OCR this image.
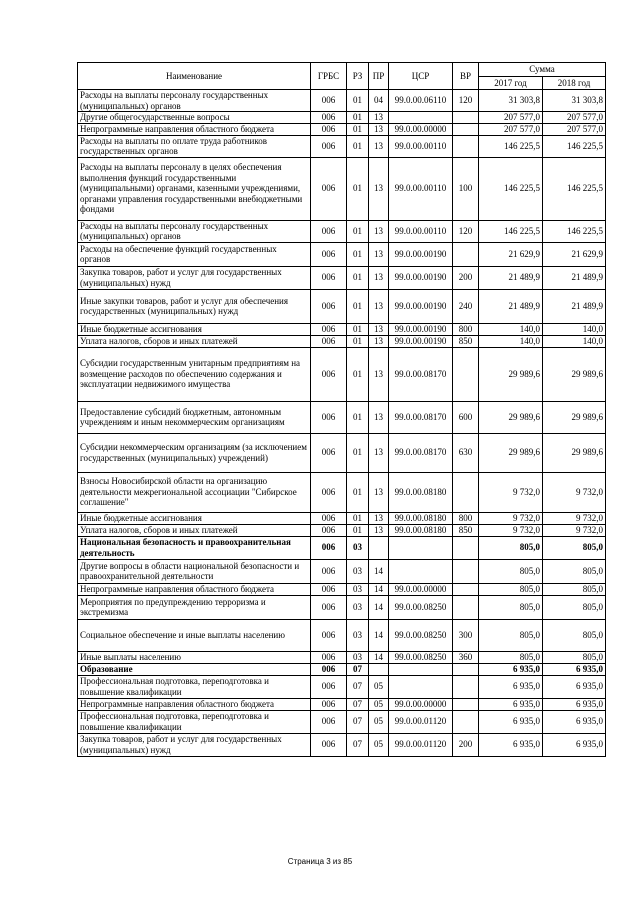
Наименование	ГРБС	РЗ	ПР	ЦСР	ВР	Сумма	
						2017 год	2018 год
Расходы на выплаты персоналу государственных (муниципальных) органов	006	01	04	99.0.00.06110	120	31 303,8	31 303,8
Другие общегосударственные вопросы	006	01	13			207 577,0	207 577,0
Непрограммные направления областного бюджета	006	01	13	99.0.00.00000		207 577,0	207 577,0
Расходы на выплаты по оплате труда работников государственных органов	006	01	13	99.0.00.00110		146 225,5	146 225,5
Расходы на выплаты персоналу в целях обеспечения выполнения функций государственными (муниципальными) органами, казенными учреждениями, органами управления государственными внебюджетными фондами	006	01	13	99.0.00.00110	100	146 225,5	146 225,5
Расходы на выплаты персоналу государственных (муниципальных) органов	006	01	13	99.0.00.00110	120	146 225,5	146 225,5
Расходы на обеспечение функций государственных органов	006	01	13	99.0.00.00190		21 629,9	21 629,9
Закупка товаров, работ и услуг для государственных (муниципальных) нужд	006	01	13	99.0.00.00190	200	21 489,9	21 489,9
Иные закупки товаров, работ и услуг для обеспечения государственных (муниципальных) нужд	006	01	13	99.0.00.00190	240	21 489,9	21 489,9
Иные бюджетные ассигнования	006	01	13	99.0.00.00190	800	140,0	140,0
Уплата налогов, сборов и иных платежей	006	01	13	99.0.00.00190	850	140,0	140,0
Субсидии государственным унитарным предприятиям на возмещение расходов по обеспечению содержания и эксплуатации недвижимого имущества	006	01	13	99.0.00.08170		29 989,6	29 989,6
Предоставление субсидий бюджетным, автономным учреждениям и иным некоммерческим организациям	006	01	13	99.0.00.08170	600	29 989,6	29 989,6
Субсидии некоммерческим организациям (за исключением государственных (муниципальных) учреждений)	006	01	13	99.0.00.08170	630	29 989,6	29 989,6
Взносы Новосибирской области на организацию деятельности межрегиональной ассоциации "Сибирское соглашение"	006	01	13	99.0.00.08180		9 732,0	9 732,0
Иные бюджетные ассигнования	006	01	13	99.0.00.08180	800	9 732,0	9 732,0
Уплата налогов, сборов и иных платежей	006	01	13	99.0.00.08180	850	9 732,0	9 732,0
Национальная безопасность и правоохранительная деятельность	006	03				805,0	805,0
Другие вопросы в области национальной безопасности и правоохранительной деятельности	006	03	14			805,0	805,0
Непрограммные направления областного бюджета	006	03	14	99.0.00.00000		805,0	805,0
Мероприятия по предупреждению терроризма и экстремизма	006	03	14	99.0.00.08250		805,0	805,0
Социальное обеспечение и иные выплаты населению	006	03	14	99.0.00.08250	300	805,0	805,0
Иные выплаты населению	006	03	14	99.0.00.08250	360	805,0	805,0
Образование	006	07				6 935,0	6 935,0
Профессиональная подготовка, переподготовка и повышение квалификации	006	07	05			6 935,0	6 935,0
Непрограммные направления областного бюджета	006	07	05	99.0.00.00000		6 935,0	6 935,0
Профессиональная подготовка, переподготовка и повышение квалификации	006	07	05	99.0.00.01120		6 935,0	6 935,0
Закупка товаров, работ и услуг для государственных (муниципальных) нужд	006	07	05	99.0.00.01120	200	6 935,0	6 935,0
Страница 3 из 85
